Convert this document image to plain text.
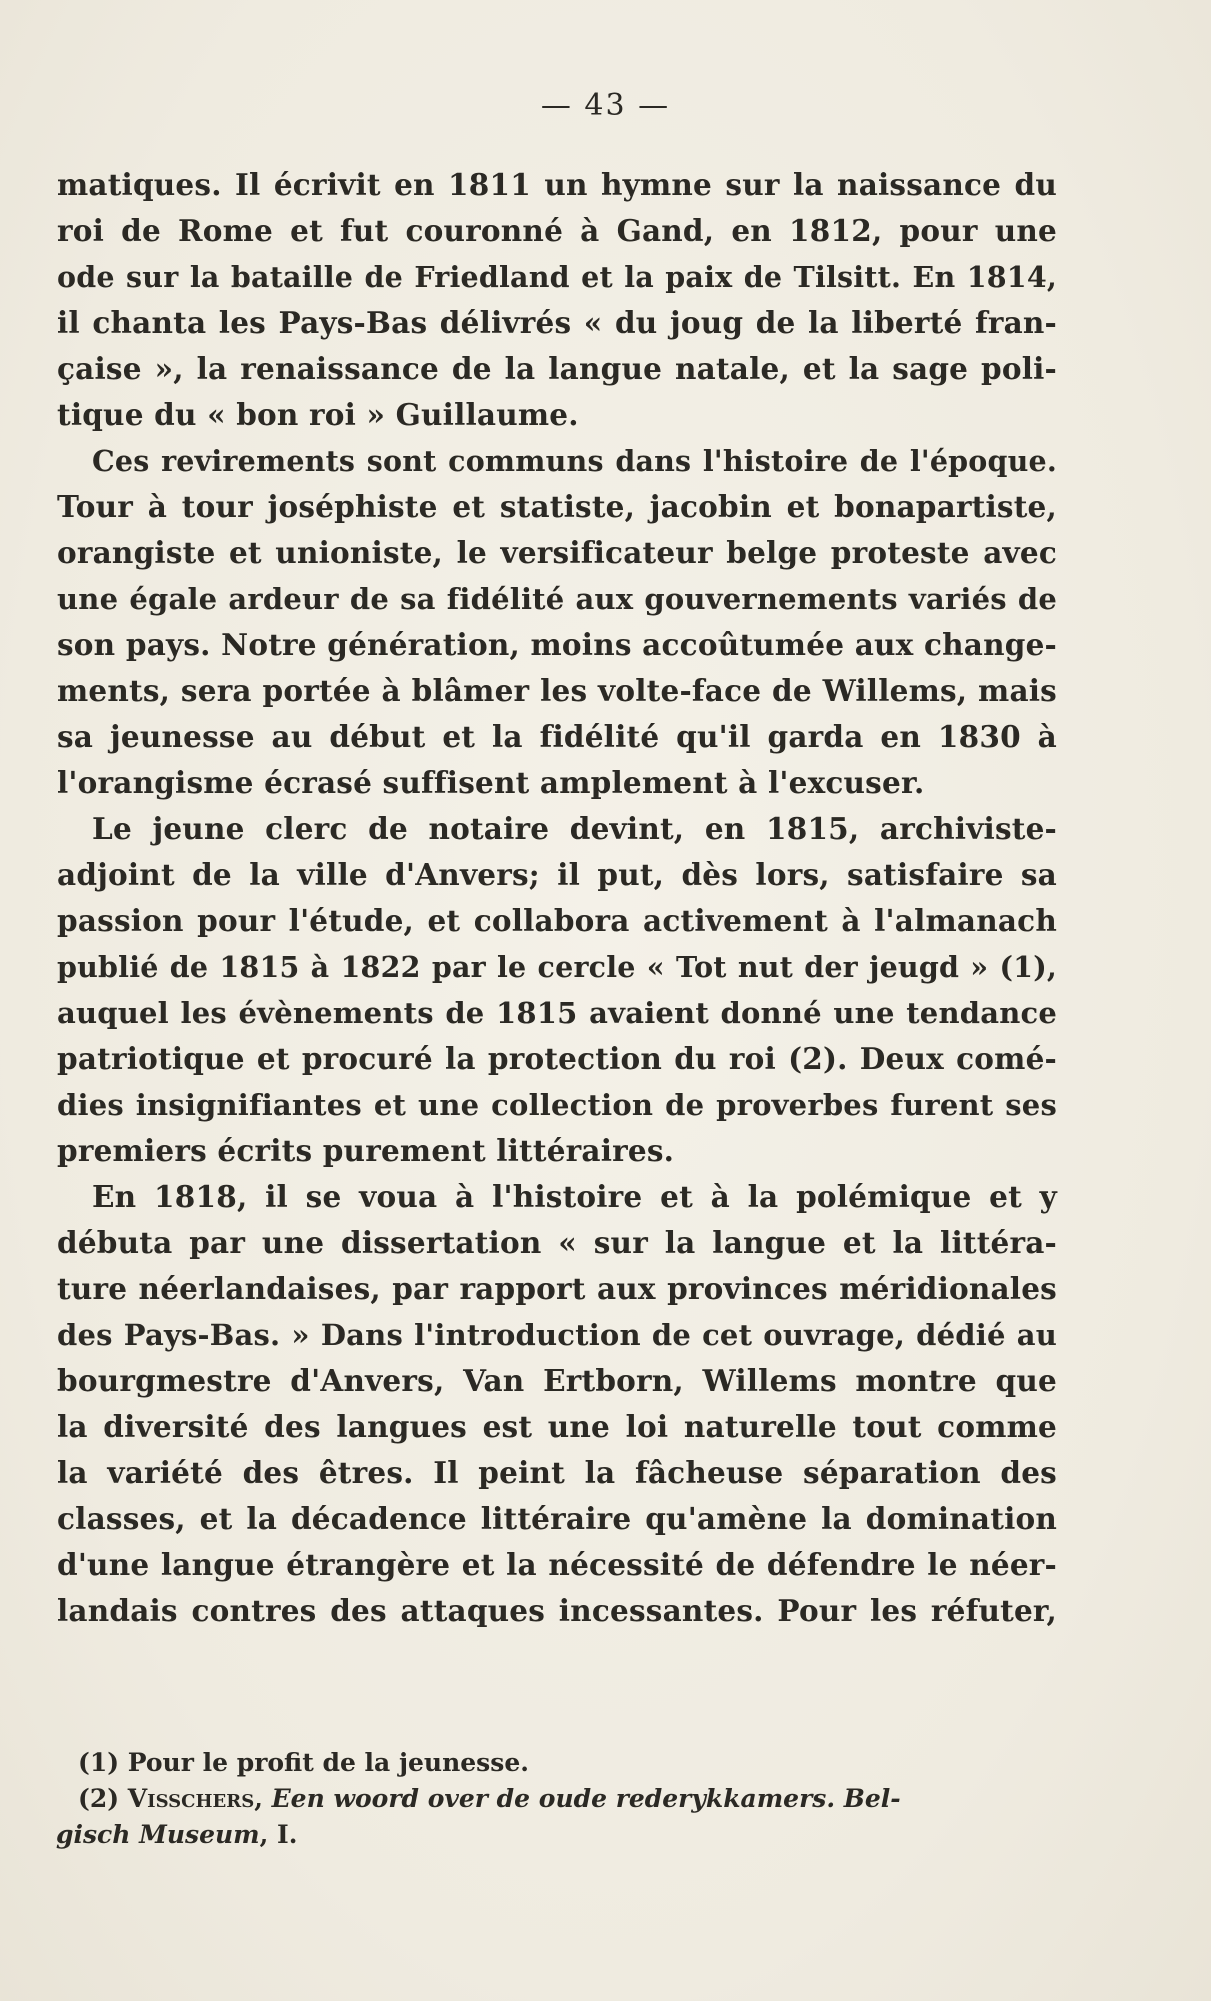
— 43 —
matiques. Il écrivit en 1811 un hymne sur la naissance du
roi de Rome et fut couronné à Gand, en 1812, pour une
ode sur la bataille de Friedland et la paix de Tilsitt. En 1814,
il chanta les Pays-Bas délivrés « du joug de la liberté fran-
çaise », la renaissance de la langue natale, et la sage poli-
tique du « bon roi » Guillaume.
Ces revirements sont communs dans l'histoire de l'époque.
Tour à tour joséphiste et statiste, jacobin et bonapartiste,
orangiste et unioniste, le versificateur belge proteste avec
une égale ardeur de sa fidélité aux gouvernements variés de
son pays. Notre génération, moins accoûtumée aux change-
ments, sera portée à blâmer les volte-face de Willems, mais
sa jeunesse au début et la fidélité qu'il garda en 1830 à
l'orangisme écrasé suffisent amplement à l'excuser.
Le jeune clerc de notaire devint, en 1815, archiviste-
adjoint de la ville d'Anvers; il put, dès lors, satisfaire sa
passion pour l'étude, et collabora activement à l'almanach
publié de 1815 à 1822 par le cercle « Tot nut der jeugd » (1),
auquel les évènements de 1815 avaient donné une tendance
patriotique et procuré la protection du roi (2). Deux comé-
dies insignifiantes et une collection de proverbes furent ses
premiers écrits purement littéraires.
En 1818, il se voua à l'histoire et à la polémique et y
débuta par une dissertation « sur la langue et la littéra-
ture néerlandaises, par rapport aux provinces méridionales
des Pays-Bas. » Dans l'introduction de cet ouvrage, dédié au
bourgmestre d'Anvers, Van Ertborn, Willems montre que
la diversité des langues est une loi naturelle tout comme
la variété des êtres. Il peint la fâcheuse séparation des
classes, et la décadence littéraire qu'amène la domination
d'une langue étrangère et la nécessité de défendre le néer-
landais contres des attaques incessantes. Pour les réfuter,
(1) Pour le profit de la jeunesse.
(2) Visschers, Een woord over de oude rederykkamers. Bel-
gisch Museum, I.
